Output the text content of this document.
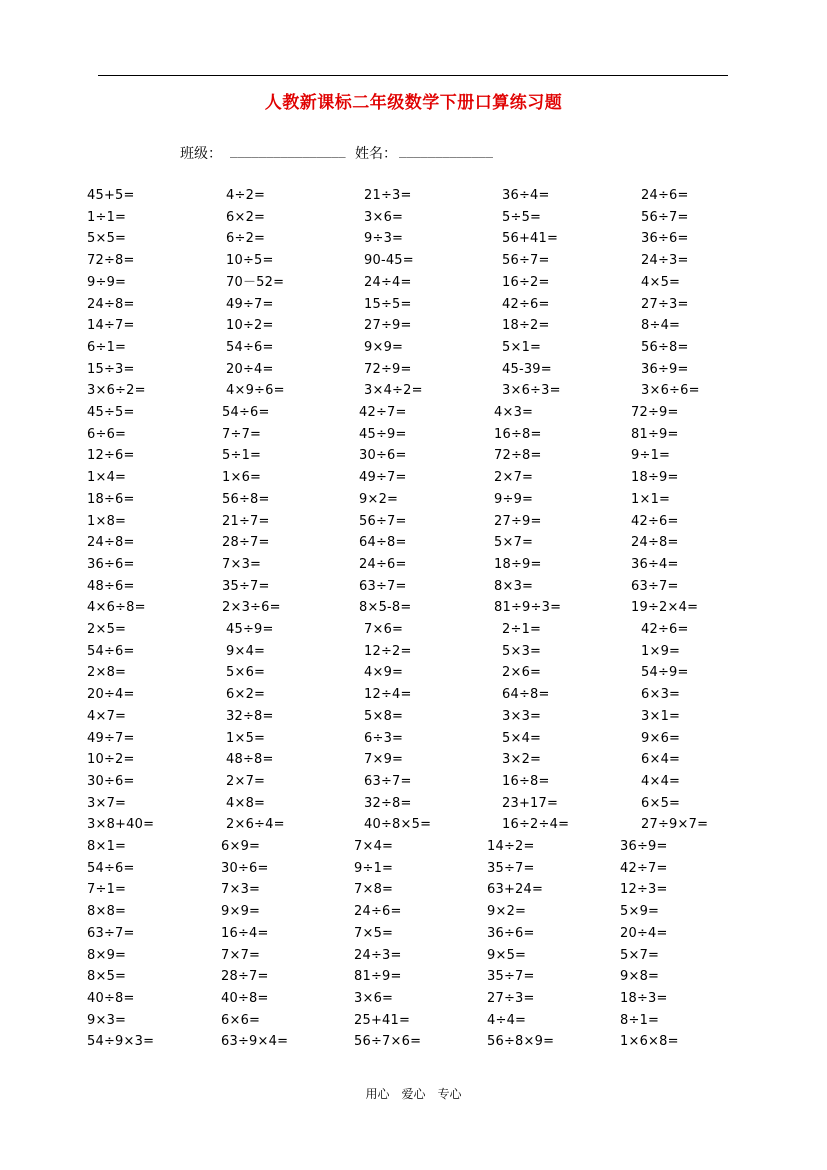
人教新课标二年级数学下册口算练习题
班级： ________________ 姓名： _____________
45+5=	4÷2=	21÷3=	36÷4=	24÷6=
1÷1=	6×2=	3×6=	5÷5=	56÷7=
5×5=	6÷2=	9÷3=	56+41=	36÷6=
72÷8=	10÷5=	90-45=	56÷7=	24÷3=
9÷9=	70－52=	24÷4=	16÷2=	4×5=
24÷8=	49÷7=	15÷5=	42÷6=	27÷3=
14÷7=	10÷2=	27÷9=	18÷2=	8÷4=
6÷1=	54÷6=	9×9=	5×1=	56÷8=
15÷3=	20÷4=	72÷9=	45-39=	36÷9=
3×6÷2=	4×9÷6=	3×4÷2=	3×6÷3=	3×6÷6=
45÷5=	54÷6=	42÷7=	4×3=	72÷9=
6÷6=	7÷7=	45÷9=	16÷8=	81÷9=
12÷6=	5÷1=	30÷6=	72÷8=	9÷1=
1×4=	1×6=	49÷7=	2×7=	18÷9=
18÷6=	56÷8=	9×2=	9÷9=	1×1=
1×8=	21÷7=	56÷7=	27÷9=	42÷6=
24÷8=	28÷7=	64÷8=	5×7=	24÷8=
36÷6=	7×3=	24÷6=	18÷9=	36÷4=
48÷6=	35÷7=	63÷7=	8×3=	63÷7=
4×6÷8=	2×3÷6=	8×5-8=	81÷9÷3=	19÷2×4=
2×5=	45÷9=	7×6=	2÷1=	42÷6=
54÷6=	9×4=	12÷2=	5×3=	1×9=
2×8=	5×6=	4×9=	2×6=	54÷9=
20÷4=	6×2=	12÷4=	64÷8=	6×3=
4×7=	32÷8=	5×8=	3×3=	3×1=
49÷7=	1×5=	6÷3=	5×4=	9×6=
10÷2=	48÷8=	7×9=	3×2=	6×4=
30÷6=	2×7=	63÷7=	16÷8=	4×4=
3×7=	4×8=	32÷8=	23+17=	6×5=
3×8+40=	2×6÷4=	40÷8×5=	16÷2÷4=	27÷9×7=
8×1=	6×9=	7×4=	14÷2=	36÷9=
54÷6=	30÷6=	9÷1=	35÷7=	42÷7=
7÷1=	7×3=	7×8=	63+24=	12÷3=
8×8=	9×9=	24÷6=	9×2=	5×9=
63÷7=	16÷4=	7×5=	36÷6=	20÷4=
8×9=	7×7=	24÷3=	9×5=	5×7=
8×5=	28÷7=	81÷9=	35÷7=	9×8=
40÷8=	40÷8=	3×6=	27÷3=	18÷3=
9×3=	6×6=	25+41=	4÷4=	8÷1=
54÷9×3=	63÷9×4=	56÷7×6=	56÷8×9=	1×6×8=
用心　爱心　专心
